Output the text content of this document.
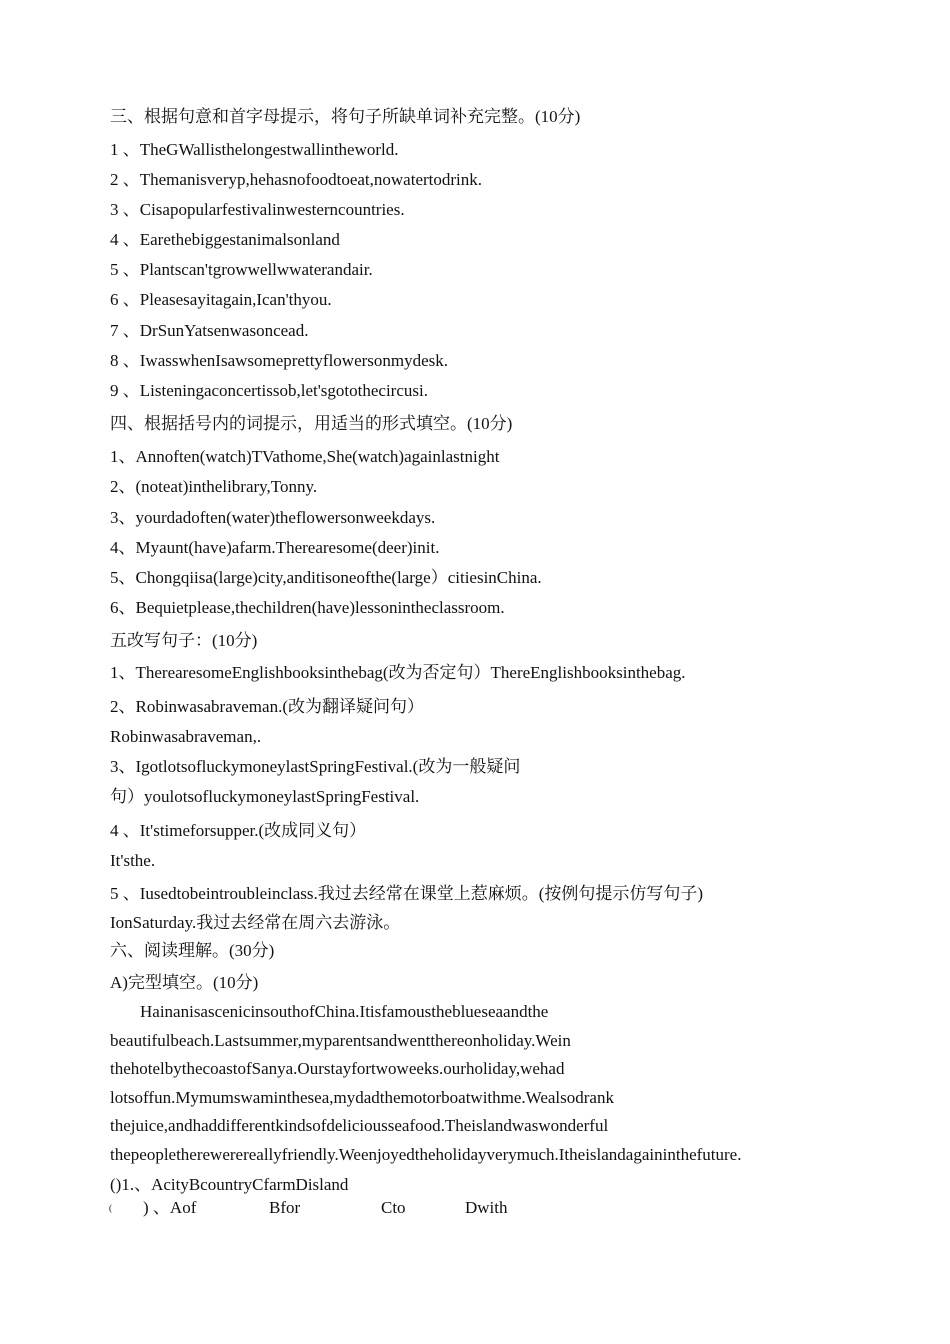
三、根据句意和首字母提示，将句子所缺单词补充完整。(10分)
1 、TheGWallisthelongestwallintheworld.
2 、Themanisveryp,hehasnofoodtoeat,nowatertodrink.
3 、Cisapopularfestivalinwesterncountries.
4 、Earethebiggestanimalsonland
5 、Plantscan'tgrowwellwwaterandair.
6 、Pleasesayitagain,Ican'thyou.
7 、DrSunYatsenwasoncead.
8 、IwasswhenIsawsomeprettyflowersonmydesk.
9 、Listeningaconcertissob,let'sgotothecircusi.
四、根据括号内的词提示，用适当的形式填空。(10分)
1、Annoften(watch)TVathome,She(watch)againlastnight
2、(noteat)inthelibrary,Tonny.
3、yourdadoften(water)theflowersonweekdays.
4、Myaunt(have)afarm.Therearesome(deer)init.
5、Chongqiisa(large)city,anditisoneofthe(large）citiesinChina.
6、Bequietplease,thechildren(have)lessonintheclassroom.
五改写句子：(10分)
1、TherearesomeEnglishbooksinthebag(改为否定句）ThereEnglishbooksinthebag.
2、Robinwasabraveman.(改为翻译疑问句）
Robinwasabraveman,.
3、IgotlotsofluckymoneylastSpringFestival.(改为一般疑问
句）youlotsofluckymoneylastSpringFestival.
4 、It'stimeforsupper.(改成同义句）
It'sthe.
5 、Iusedtobeintroubleinclass.我过去经常在课堂上惹麻烦。(按例句提示仿写句子)
IonSaturday.我过去经常在周六去游泳。
六、阅读理解。(30分)
A)完型填空。(10分)
HainanisascenicinsouthofChina.Itisfamoustheblueseaandthe
beautifulbeach.Lastsummer,myparentsandwentthereonholiday.Wein
thehotelbythecoastofSanya.Ourstayfortwoweeks.ourholiday,wehad
lotsoffun.Mymumswaminthesea,mydadthemotorboatwithme.Wealsodrank
thejuice,andhaddifferentkindsofdeliciousseafood.Theislandwaswonderful
thepeopletherewerereallyfriendly.Weenjoyedtheholidayverymuch.Itheislandagaininthefuture.
()1.、AcityBcountryCfarmDisland
( ) 、Aof	Bfor	Cto	Dwith
